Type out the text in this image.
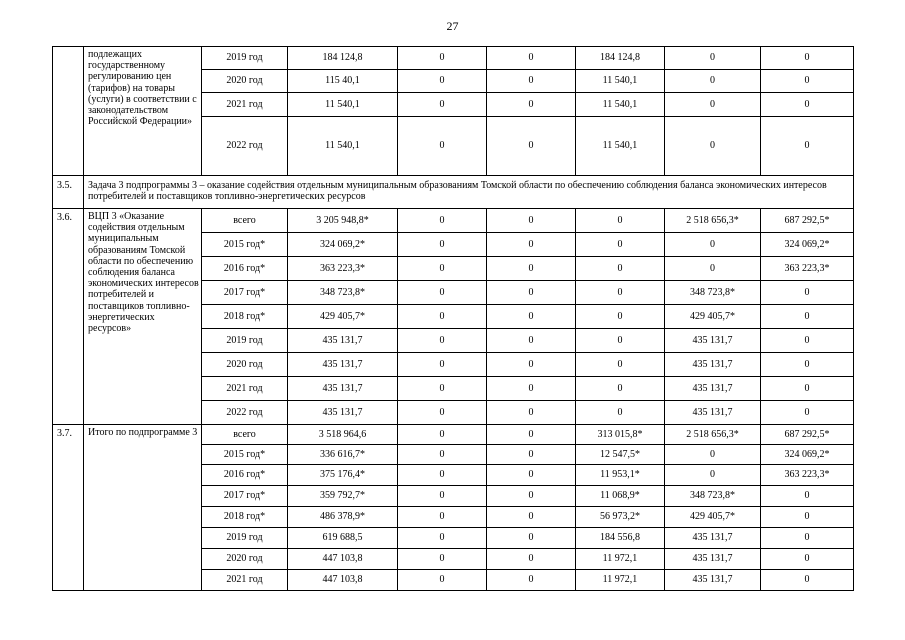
27
	подлежащих государственному регулированию цен (тарифов) на товары (услуги) в соответствии с законодательством Российской Федерации»	2019 год	184 124,8	0	0	184 124,8	0	0
		2020 год	115 40,1	0	0	11 540,1	0	0
		2021 год	11 540,1	0	0	11 540,1	0	0
		2022 год	11 540,1	0	0	11 540,1	0	0
3.5.	Задача 3 подпрограммы 3 – оказание содействия отдельным муниципальным образованиям Томской области по обеспечению соблюдения баланса экономических интересов потребителей и поставщиков топливно-энергетических ресурсов							
3.6.	ВЦП 3 «Оказание содействия отдельным муниципальным образованиям Томской области по обеспечению соблюдения баланса экономических интересов потребителей и поставщиков топливно-энергетических ресурсов»	всего	3 205 948,8*	0	0	0	2 518 656,3*	687 292,5*
		2015 год*	324 069,2*	0	0	0	0	324 069,2*
		2016 год*	363 223,3*	0	0	0	0	363 223,3*
		2017 год*	348 723,8*	0	0	0	348 723,8*	0
		2018 год*	429 405,7*	0	0	0	429 405,7*	0
		2019 год	435 131,7	0	0	0	435 131,7	0
		2020 год	435 131,7	0	0	0	435 131,7	0
		2021 год	435 131,7	0	0	0	435 131,7	0
		2022 год	435 131,7	0	0	0	435 131,7	0
3.7.	Итого по подпрограмме 3	всего	3 518 964,6	0	0	313 015,8*	2 518 656,3*	687 292,5*
		2015 год*	336 616,7*	0	0	12 547,5*	0	324 069,2*
		2016 год*	375 176,4*	0	0	11 953,1*	0	363 223,3*
		2017 год*	359 792,7*	0	0	11 068,9*	348 723,8*	0
		2018 год*	486 378,9*	0	0	56 973,2*	429 405,7*	0
		2019 год	619 688,5	0	0	184 556,8	435 131,7	0
		2020 год	447 103,8	0	0	11 972,1	435 131,7	0
		2021 год	447 103,8	0	0	11 972,1	435 131,7	0
